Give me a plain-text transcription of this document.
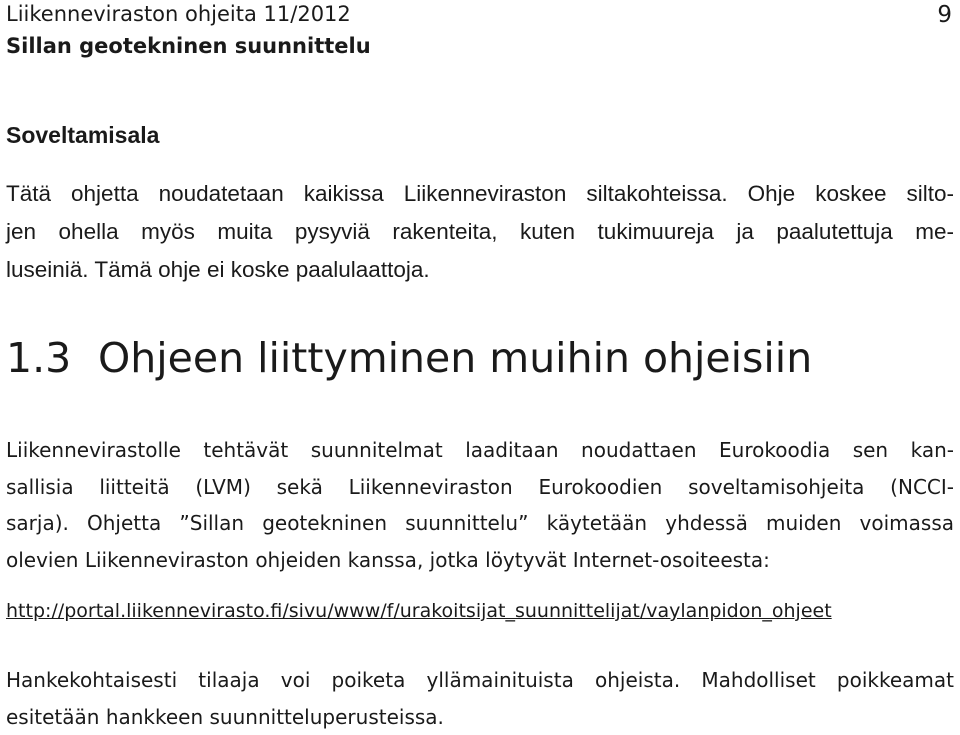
Liikenneviraston ohjeita 11/2012
Sillan geotekninen suunnittelu
9
Soveltamisala
Tätä ohjetta noudatetaan kaikissa Liikenneviraston siltakohteissa. Ohje koskee silto-
jen ohella myös muita pysyviä rakenteita, kuten tukimuureja ja paalutettuja me-
luseiniä. Tämä ohje ei koske paalulaattoja.
1.3 Ohjeen liittyminen muihin ohjeisiin
Liikennevirastolle tehtävät suunnitelmat laaditaan noudattaen Eurokoodia sen kan-
sallisia liitteitä (LVM) sekä Liikenneviraston Eurokoodien soveltamisohjeita (NCCI-
sarja). Ohjetta ”Sillan geotekninen suunnittelu” käytetään yhdessä muiden voimassa
olevien Liikenneviraston ohjeiden kanssa, jotka löytyvät Internet-osoiteesta:
http://portal.liikennevirasto.fi/sivu/www/f/urakoitsijat_suunnittelijat/vaylanpidon_ohjeet
Hankekohtaisesti tilaaja voi poiketa yllämainituista ohjeista. Mahdolliset poikkeamat
esitetään hankkeen suunnitteluperusteissa.
